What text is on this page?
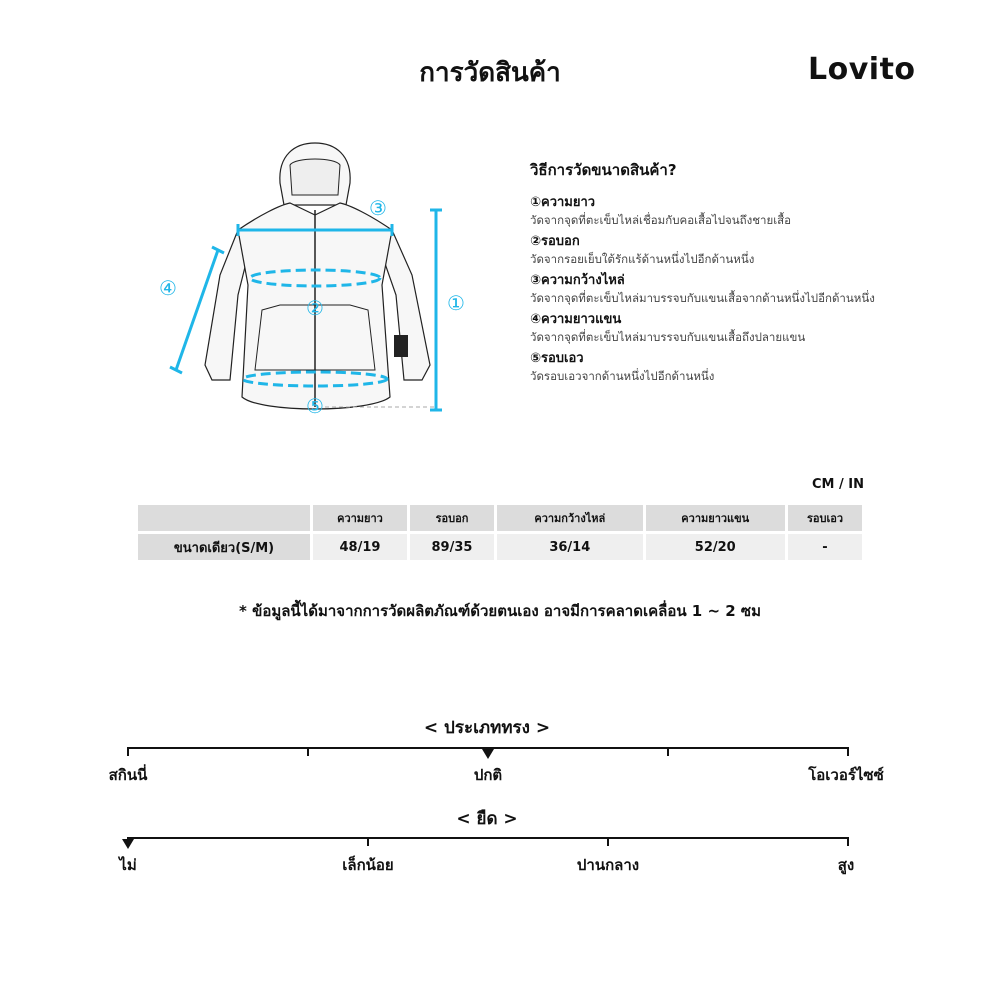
การวัดสินค้า	Lovito
①
②
③
④
⑤
วิธีการวัดขนาดสินค้า?
①ความยาว
วัดจากจุดที่ตะเข็บไหล่เชื่อมกับคอเสื้อไปจนถึงชายเสื้อ
②รอบอก
วัดจากรอยเย็บใต้รักแร้ด้านหนึ่งไปอีกด้านหนึ่ง
③ความกว้างไหล่
วัดจากจุดที่ตะเข็บไหล่มาบรรจบกับแขนเสื้อจากด้านหนึ่งไปอีกด้านหนึ่ง
④ความยาวแขน
วัดจากจุดที่ตะเข็บไหล่มาบรรจบกับแขนเสื้อถึงปลายแขน
⑤รอบเอว
วัดรอบเอวจากด้านหนึ่งไปอีกด้านหนึ่ง
CM / IN
	ความยาว	รอบอก	ความกว้างไหล่	ความยาวแขน	รอบเอว
ขนาดเดียว(S/M)	48/19	89/35	36/14	52/20	-
* ข้อมูลนี้ได้มาจากการวัดผลิตภัณฑ์ด้วยตนเอง อาจมีการคลาดเคลื่อน 1 ~ 2 ซม
< ประเภททรง >
สกินนี่	ปกติ	โอเวอร์ไซซ์
< ยืด >
ไม่	เล็กน้อย	ปานกลาง	สูง
